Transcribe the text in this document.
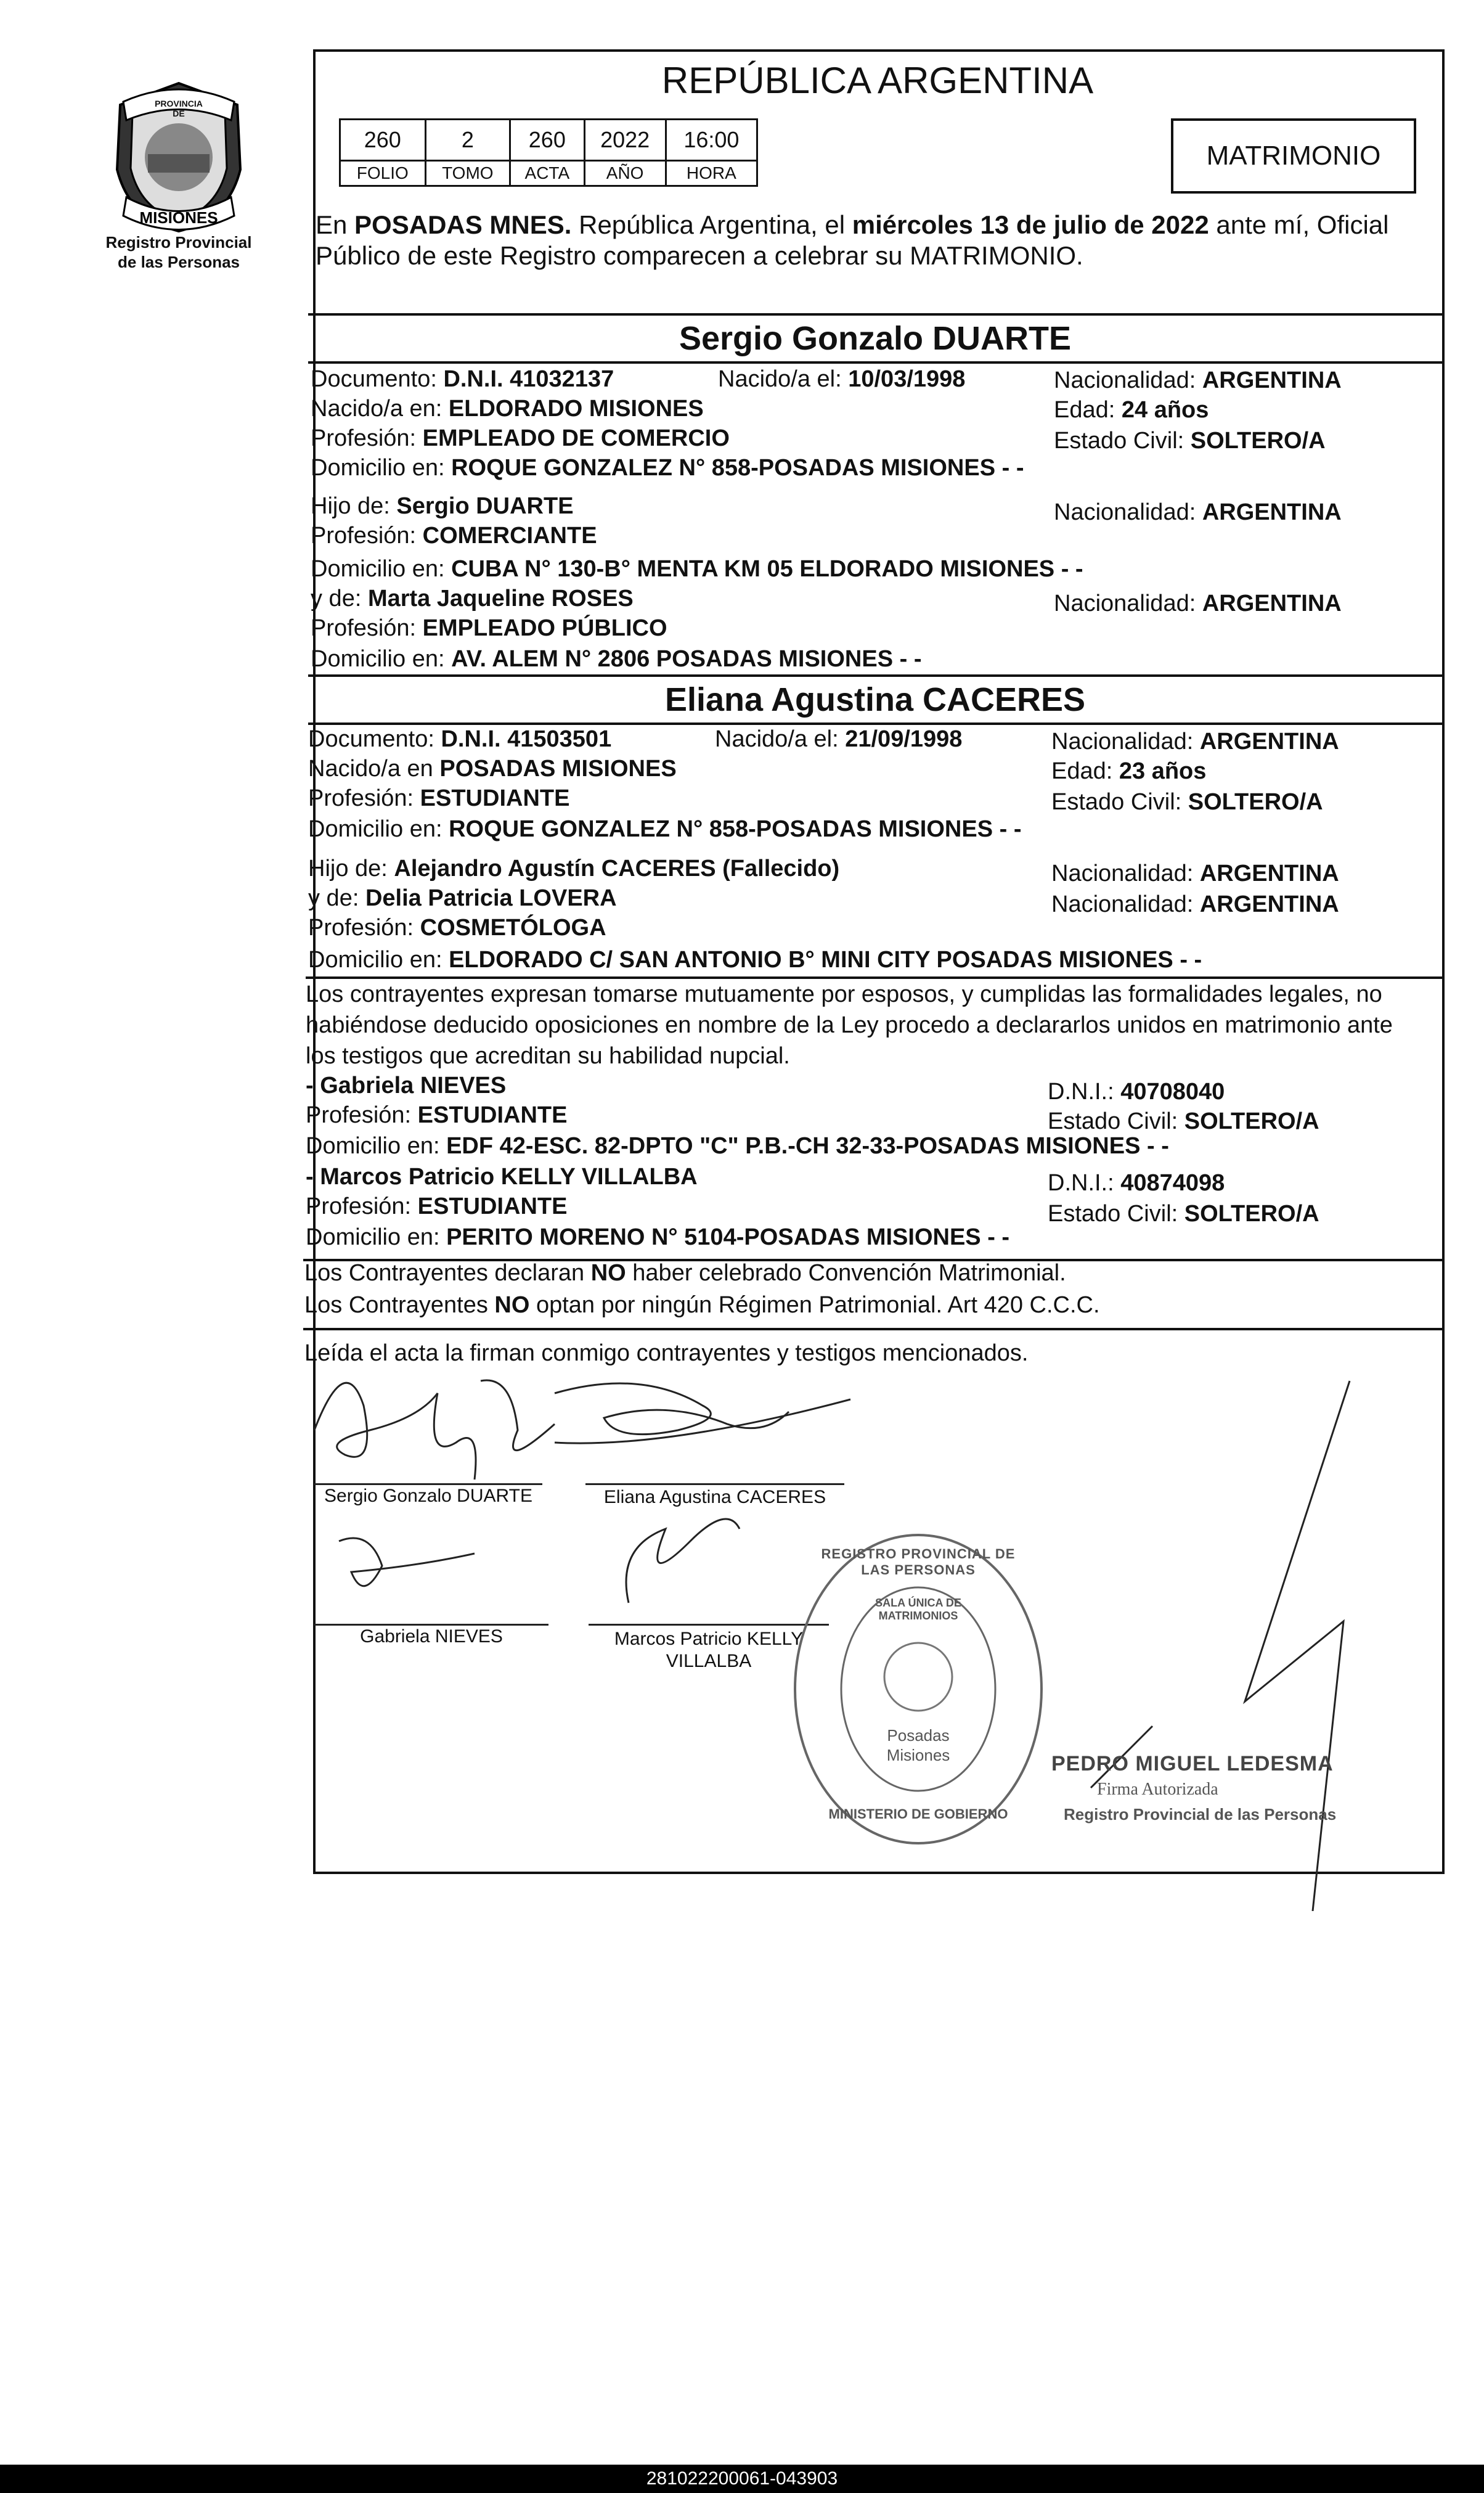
PROVINCIA DE
MISIONES
Registro Provincial
de las Personas
REPÚBLICA ARGENTINA
260	2	260	2022	16:00
FOLIO	TOMO	ACTA	AÑO	HORA
MATRIMONIO
En POSADAS MNES. República Argentina, el miércoles 13 de julio de 2022 ante mí, Oficial
Público de este Registro comparecen a celebrar su MATRIMONIO.
Sergio Gonzalo DUARTE
Documento: D.N.I. 41032137	Nacido/a el: 10/03/1998	Nacionalidad: ARGENTINA
Nacido/a en: ELDORADO MISIONES	Edad: 24 años
Profesión: EMPLEADO DE COMERCIO	Estado Civil: SOLTERO/A
Domicilio en: ROQUE GONZALEZ N° 858-POSADAS MISIONES - -
Hijo de: Sergio DUARTE	Nacionalidad: ARGENTINA
Profesión: COMERCIANTE
Domicilio en: CUBA N° 130-B° MENTA KM 05 ELDORADO MISIONES - -
y de: Marta Jaqueline ROSES	Nacionalidad: ARGENTINA
Profesión: EMPLEADO PÚBLICO
Domicilio en: AV. ALEM N° 2806 POSADAS MISIONES - -
Eliana Agustina CACERES
Documento: D.N.I. 41503501	Nacido/a el: 21/09/1998	Nacionalidad: ARGENTINA
Nacido/a en POSADAS MISIONES	Edad: 23 años
Profesión: ESTUDIANTE	Estado Civil: SOLTERO/A
Domicilio en: ROQUE GONZALEZ N° 858-POSADAS MISIONES - -
Hijo de: Alejandro Agustín CACERES (Fallecido)	Nacionalidad: ARGENTINA
y de: Delia Patricia LOVERA	Nacionalidad: ARGENTINA
Profesión: COSMETÓLOGA
Domicilio en: ELDORADO C/ SAN ANTONIO B° MINI CITY POSADAS MISIONES - -
Los contrayentes expresan tomarse mutuamente por esposos, y cumplidas las formalidades legales, no
habiéndose deducido oposiciones en nombre de la Ley procedo a declararlos unidos en matrimonio ante
los testigos que acreditan su habilidad nupcial.
- Gabriela NIEVES	D.N.I.: 40708040
Profesión: ESTUDIANTE	Estado Civil: SOLTERO/A
Domicilio en: EDF 42-ESC. 82-DPTO "C" P.B.-CH 32-33-POSADAS MISIONES - -
- Marcos Patricio KELLY VILLALBA	D.N.I.: 40874098
Profesión: ESTUDIANTE	Estado Civil: SOLTERO/A
Domicilio en: PERITO MORENO N° 5104-POSADAS MISIONES - -
Los Contrayentes declaran NO haber celebrado Convención Matrimonial.
Los Contrayentes NO optan por ningún Régimen Patrimonial. Art 420 C.C.C.
Leída el acta la firman conmigo contrayentes y testigos mencionados.
Sergio Gonzalo DUARTE	Eliana Agustina CACERES
Gabriela NIEVES	Marcos Patricio KELLY
VILLALBA
REGISTRO PROVINCIAL DE LAS PERSONAS
SALA ÚNICA DE MATRIMONIOS
Posadas
Misiones
MINISTERIO DE GOBIERNO
PEDRO MIGUEL LEDESMA
Firma Autorizada
Registro Provincial de las Personas
281022200061-043903
